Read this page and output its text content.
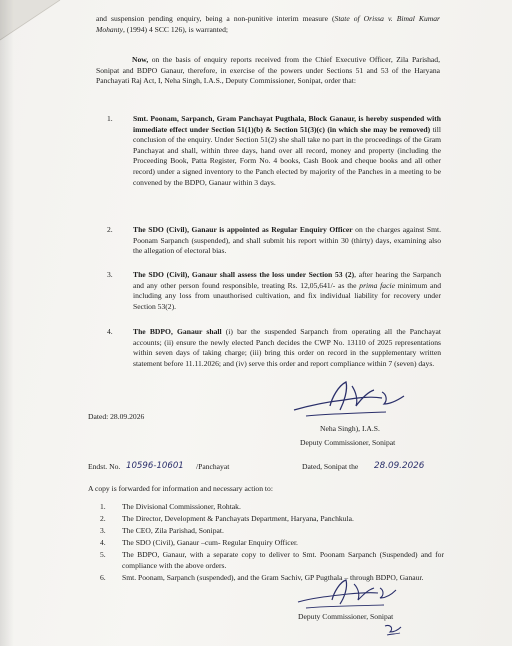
and suspension pending enquiry, being a non-punitive interim measure (State of Orissa v. Bimal Kumar Mohanty, (1994) 4 SCC 126), is warranted;
Now, on the basis of enquiry reports received from the Chief Executive Officer, Zila Parishad, Sonipat and BDPO Ganaur, therefore, in exercise of the powers under Sections 51 and 53 of the Haryana Panchayati Raj Act, I, Neha Singh, I.A.S., Deputy Commissioner, Sonipat, order that:
1.	Smt. Poonam, Sarpanch, Gram Panchayat Pugthala, Block Ganaur, is hereby suspended with immediate effect under Section 51(1)(b) & Section 51(3)(c) (in which she may be removed) till conclusion of the enquiry. Under Section 51(2) she shall take no part in the proceedings of the Gram Panchayat and shall, within three days, hand over all record, money and property (including the Proceeding Book, Patta Register, Form No. 4 books, Cash Book and cheque books and all other record) under a signed inventory to the Panch elected by majority of the Panches in a meeting to be convened by the BDPO, Ganaur within 3 days.
2.	The SDO (Civil), Ganaur is appointed as Regular Enquiry Officer on the charges against Smt. Poonam Sarpanch (suspended), and shall submit his report within 30 (thirty) days, examining also the allegation of electoral bias.
3.	The SDO (Civil), Ganaur shall assess the loss under Section 53 (2), after hearing the Sarpanch and any other person found responsible, treating Rs. 12,05,641/- as the prima facie minimum and including any loss from unauthorised cultivation, and fix individual liability for recovery under Section 53(2).
4.	The BDPO, Ganaur shall (i) bar the suspended Sarpanch from operating all the Panchayat accounts; (ii) ensure the newly elected Panch decides the CWP No. 13110 of 2025 representations within seven days of taking charge; (iii) bring this order on record in the supplementary written statement before 11.11.2026; and (iv) serve this order and report compliance within 7 (seven) days.
Dated: 28.09.2026
Neha Singh), I.A.S.
Deputy Commissioner, Sonipat
Endst. No. 10596-10601 /Panchayat	Dated, Sonipat the 28.09.2026
A copy is forwarded for information and necessary action to:
1. The Divisional Commissioner, Rohtak.
2. The Director, Development & Panchayats Department, Haryana, Panchkula.
3. The CEO, Zila Parishad, Sonipat.
4. The SDO (Civil), Ganaur –cum- Regular Enquiry Officer.
5. The BDPO, Ganaur, with a separate copy to deliver to Smt. Poonam Sarpanch (Suspended) and for compliance with the above orders.
6. Smt. Poonam, Sarpanch (suspended), and the Gram Sachiv, GP Pugthala – through BDPO, Ganaur.
Deputy Commissioner, Sonipat
